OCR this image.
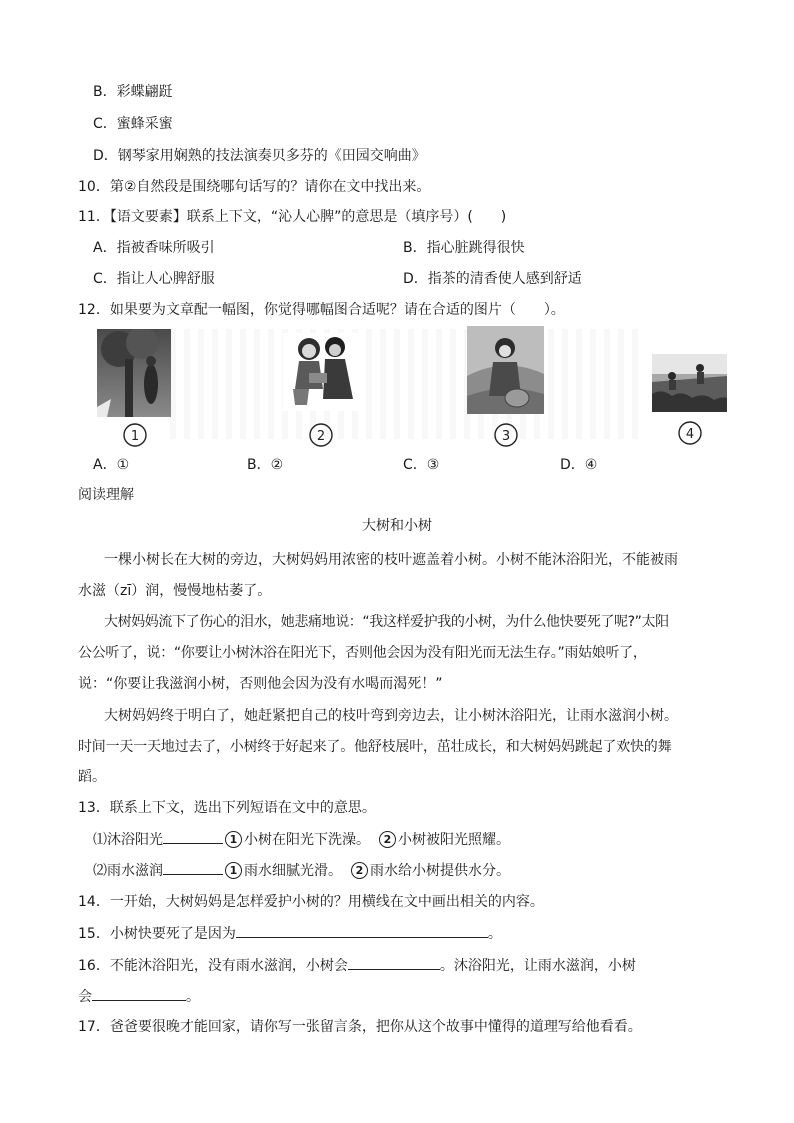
B．彩蝶翩跹
C．蜜蜂采蜜
D．钢琴家用娴熟的技法演奏贝多芬的《田园交响曲》
10．第②自然段是围绕哪句话写的？请你在文中找出来。
11．【语文要素】联系上下文，“沁人心脾”的意思是（填序号）(　　)
A．指被香味所吸引	B．指心脏跳得很快
C．指让人心脾舒服	D．指茶的清香使人感到舒适
12．如果要为文章配一幅图，你觉得哪幅图合适呢？请在合适的图片（　　）。
1	2	3	4
A．①	B．②	C．③	D．④
阅读理解
大树和小树
一棵小树长在大树的旁边，大树妈妈用浓密的枝叶遮盖着小树。小树不能沐浴阳光，不能被雨
水滋（zī）润，慢慢地枯萎了。
大树妈妈流下了伤心的泪水，她悲痛地说：“我这样爱护我的小树，为什么他快要死了呢?”太阳
公公听了，说：“你要让小树沐浴在阳光下，否则他会因为没有阳光而无法生存。”雨姑娘听了，
说：“你要让我滋润小树，否则他会因为没有水喝而渴死！”
大树妈妈终于明白了，她赶紧把自己的枝叶弯到旁边去，让小树沐浴阳光，让雨水滋润小树。
时间一天一天地过去了，小树终于好起来了。他舒枝展叶，茁壮成长，和大树妈妈跳起了欢快的舞
蹈。
13．联系上下文，选出下列短语在文中的意思。
⑴沐浴阳光	1 小树在阳光下洗澡。　 2 小树被阳光照耀。
⑵雨水滋润	1 雨水细腻光滑。　 2 雨水给小树提供水分。
14．一开始，大树妈妈是怎样爱护小树的？用横线在文中画出相关的内容。
15．小树快要死了是因为	。
16．不能沐浴阳光，没有雨水滋润，小树会	。沐浴阳光，让雨水滋润，小树
会	。
17．爸爸要很晚才能回家，请你写一张留言条，把你从这个故事中懂得的道理写给他看看。
